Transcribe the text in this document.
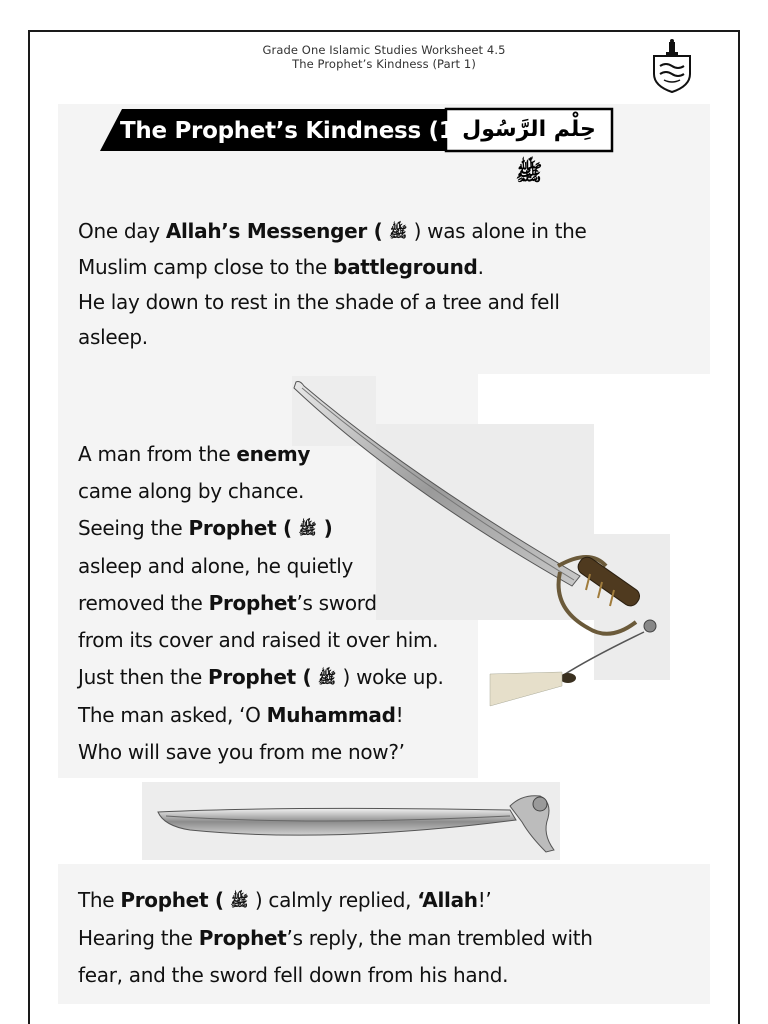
Grade One Islamic Studies Worksheet 4.5
The Prophet’s Kindness (Part 1)
The Prophet’s Kindness (1)
حِلْم الرَّسُول ﷺ
One day Allah’s Messenger ( ﷺ ) was alone in the
Muslim camp close to the battleground.
He lay down to rest in the shade of a tree and fell
asleep.
A man from the enemy
came along by chance.
Seeing the Prophet ( ﷺ )
asleep and alone, he quietly
removed the Prophet’s sword
from its cover and raised it over him.
Just then the Prophet ( ﷺ ) woke up.
The man asked, ‘O Muhammad!
Who will save you from me now?’
The Prophet ( ﷺ ) calmly replied, ‘Allah!’
Hearing the Prophet’s reply, the man trembled with
fear, and the sword fell down from his hand.
